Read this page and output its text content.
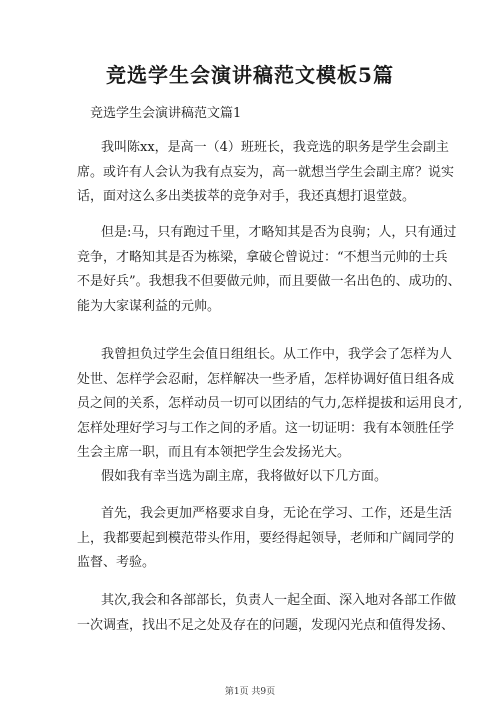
竞选学生会演讲稿范文模板5篇
竞选学生会演讲稿范文篇1
我叫陈xx，是高一（4）班班长，我竞选的职务是学生会副主
席。或许有人会认为我有点妄为，高一就想当学生会副主席？说实
话，面对这么多出类拔萃的竞争对手，我还真想打退堂鼓。
但是:马，只有跑过千里，才略知其是否为良驹；人，只有通过
竞争，才略知其是否为栋梁，拿破仑曾说过：“不想当元帅的士兵
不是好兵”。我想我不但要做元帅，而且要做一名出色的、成功的、
能为大家谋利益的元帅。
我曾担负过学生会值日组组长。从工作中，我学会了怎样为人
处世、怎样学会忍耐，怎样解决一些矛盾，怎样协调好值日组各成
员之间的关系，怎样动员一切可以团结的气力,怎样提拔和运用良才,
怎样处理好学习与工作之间的矛盾。这一切证明：我有本领胜任学
生会主席一职，而且有本领把学生会发扬光大。
假如我有幸当选为副主席，我将做好以下几方面。
首先，我会更加严格要求自身，无论在学习、工作，还是生活
上，我都要起到模范带头作用，要经得起领导，老师和广阔同学的
监督、考验。
其次,我会和各部部长，负责人一起全面、深入地对各部工作做
一次调查，找出不足之处及存在的问题，发现闪光点和值得发扬、
第1页 共9页
